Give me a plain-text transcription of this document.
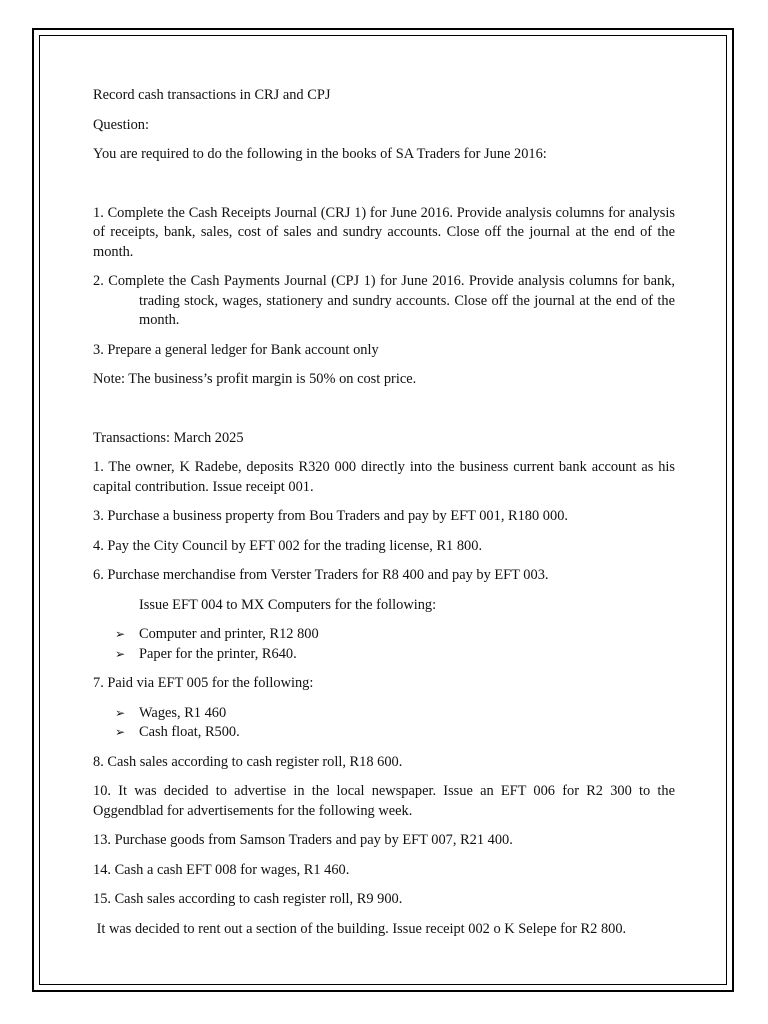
Record cash transactions in CRJ and CPJ

Question:

You are required to do the following in the books of SA Traders for June 2016:

1. Complete the Cash Receipts Journal (CRJ 1) for June 2016. Provide analysis columns for analysis of receipts, bank, sales, cost of sales and sundry accounts. Close off the journal at the end of the month.

2. Complete the Cash Payments Journal (CPJ 1) for June 2016. Provide analysis columns for bank, trading stock, wages, stationery and sundry accounts. Close off the journal at the end of the month.

3. Prepare a general ledger for Bank account only

Note: The business’s profit margin is 50% on cost price.

Transactions: March 2025

1. The owner, K Radebe, deposits R320 000 directly into the business current bank account as his capital contribution. Issue receipt 001.

3. Purchase a business property from Bou Traders and pay by EFT 001, R180 000.

4. Pay the City Council by EFT 002 for the trading license, R1 800.

6. Purchase merchandise from Verster Traders for R8 400 and pay by EFT 003.

Issue EFT 004 to MX Computers for the following:

➢ Computer and printer, R12 800
➢ Paper for the printer, R640.

7. Paid via EFT 005 for the following:

➢ Wages, R1 460
➢ Cash float, R500.

8. Cash sales according to cash register roll, R18 600.

10. It was decided to advertise in the local newspaper. Issue an EFT 006 for R2 300 to the Oggendblad for advertisements for the following week.

13. Purchase goods from Samson Traders and pay by EFT 007, R21 400.

14. Cash a cash EFT 008 for wages, R1 460.

15. Cash sales according to cash register roll, R9 900.

It was decided to rent out a section of the building. Issue receipt 002 o K Selepe for R2 800.
